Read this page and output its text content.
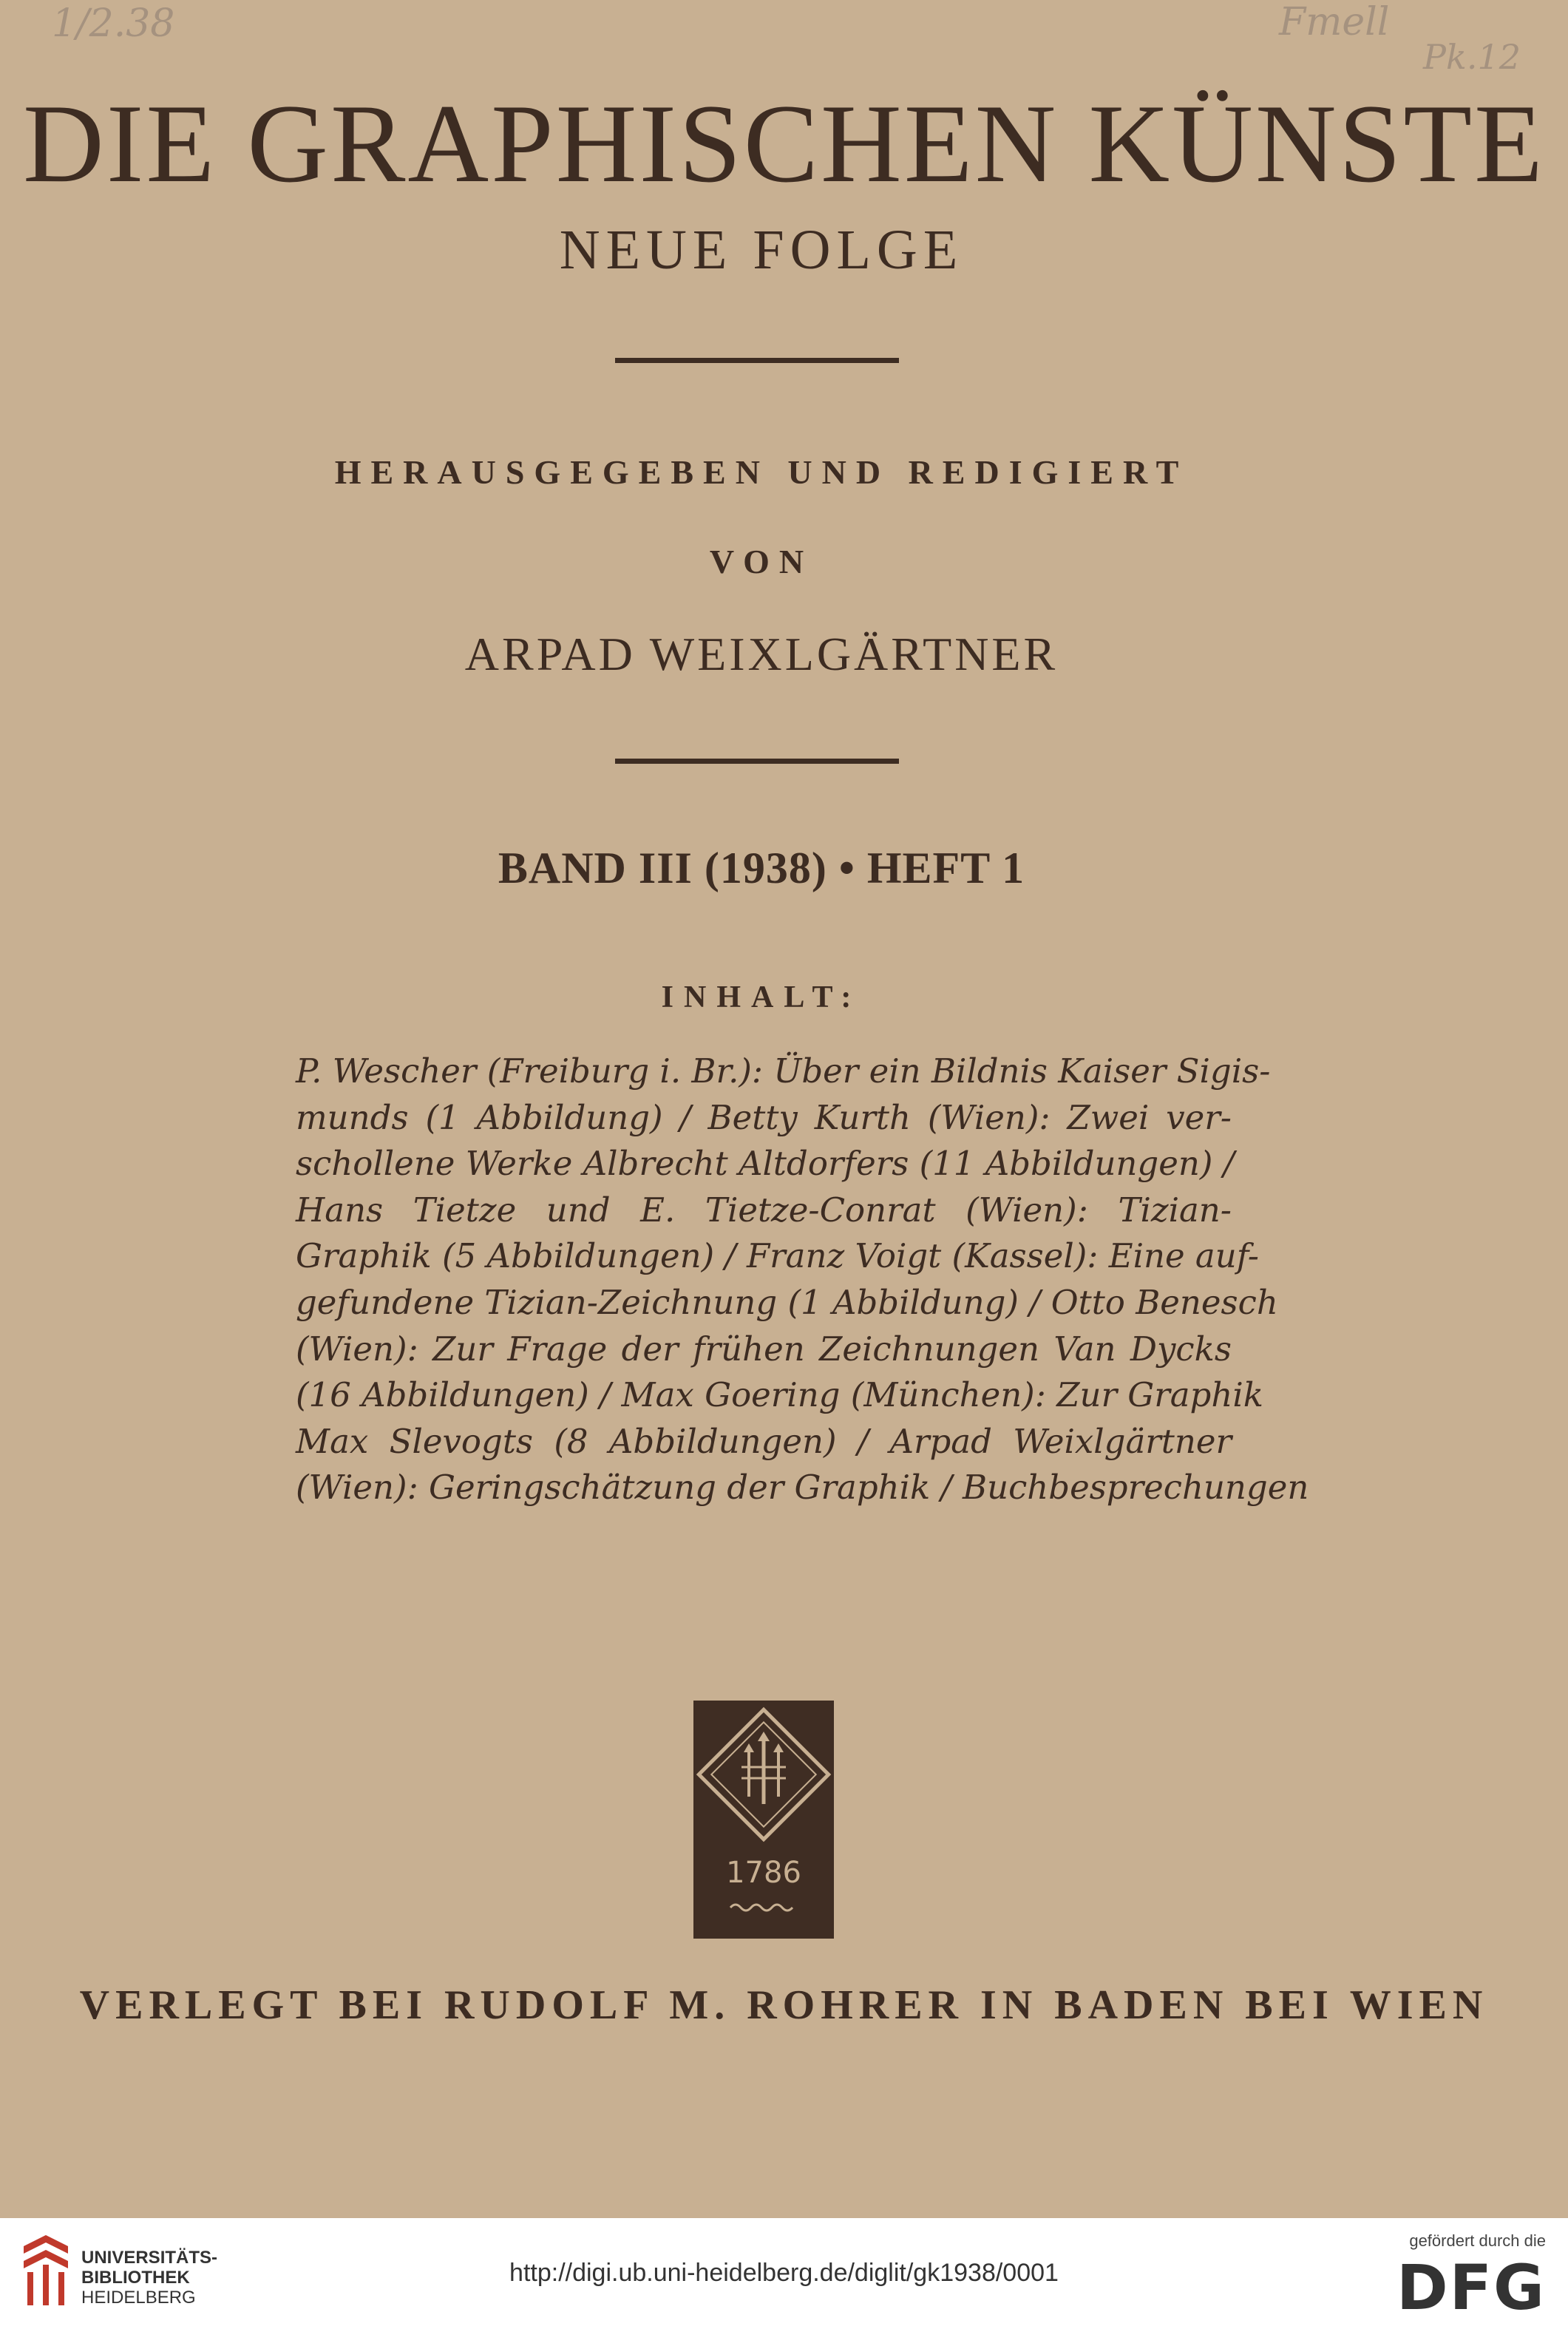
1/2.38	Fmell
Pk.12
DIE GRAPHISCHEN KÜNSTE
NEUE FOLGE
HERAUSGEGEBEN UND REDIGIERT
VON
ARPAD WEIXLGÄRTNER
BAND III (1938) • HEFT 1
INHALT:
P. Wescher (Freiburg i. Br.): Über ein Bildnis Kaiser Sigis-
munds (1 Abbildung) / Betty Kurth (Wien): Zwei ver-
schollene Werke Albrecht Altdorfers (11 Abbildungen) /
Hans Tietze und E. Tietze-Conrat (Wien): Tizian-
Graphik (5 Abbildungen) / Franz Voigt (Kassel): Eine auf-
gefundene Tizian-Zeichnung (1 Abbildung) / Otto Benesch
(Wien): Zur Frage der frühen Zeichnungen Van Dycks
(16 Abbildungen) / Max Goering (München): Zur Graphik
Max Slevogts (8 Abbildungen) / Arpad Weixlgärtner
(Wien): Geringschätzung der Graphik / Buchbesprechungen
1786
VERLEGT BEI RUDOLF M. ROHRER IN BADEN BEI WIEN
UNIVERSITÄTS-
BIBLIOTHEK
HEIDELBERG
http://digi.ub.uni-heidelberg.de/diglit/gk1938/0001
gefördert durch die
DFG
